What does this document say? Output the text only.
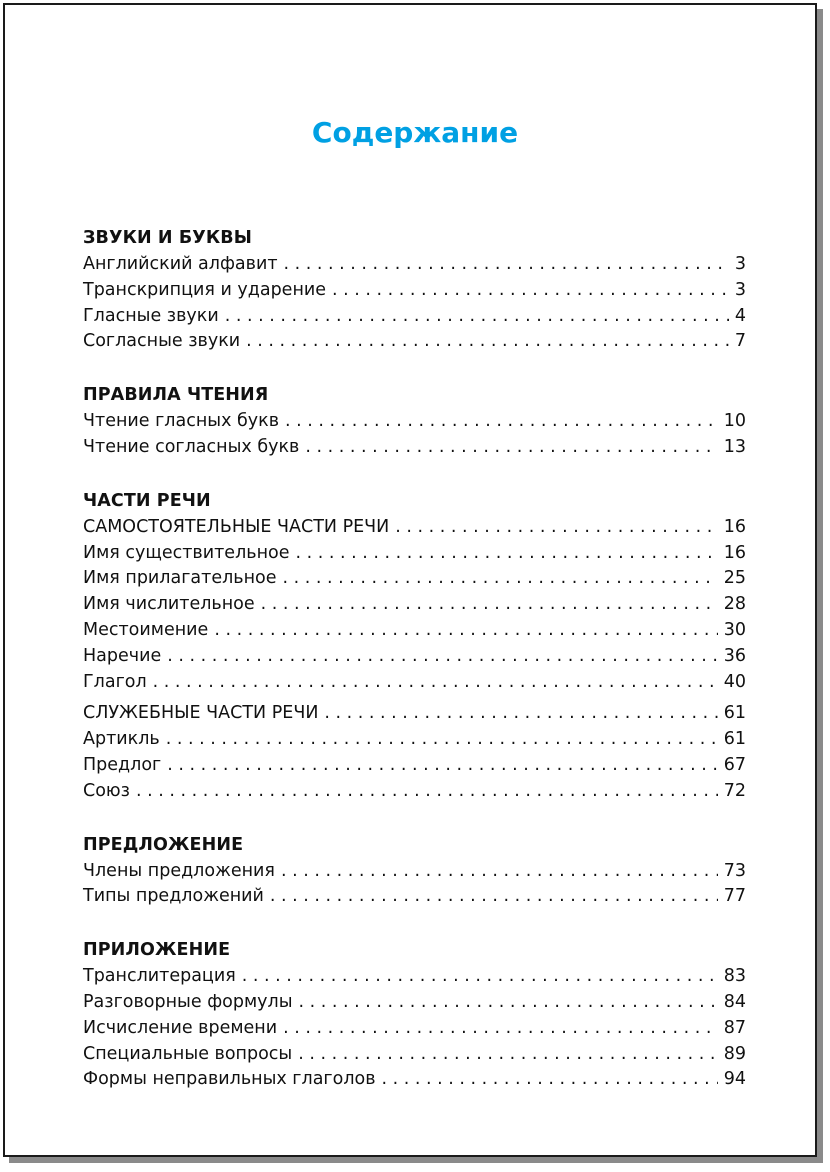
Содержание
ЗВУКИ И БУКВЫ
Английский алфавит . . .	3
Транскрипция и ударение . . .	3
Гласные звуки . . .	4
Согласные звуки . . .	7
ПРАВИЛА ЧТЕНИЯ
Чтение гласных букв . . .	10
Чтение согласных букв . . .	13
ЧАСТИ РЕЧИ
САМОСТОЯТЕЛЬНЫЕ ЧАСТИ РЕЧИ . . .	16
Имя существительное . . .	16
Имя прилагательное . . .	25
Имя числительное . . .	28
Местоимение . . .	30
Наречие . . .	36
Глагол . . .	40
СЛУЖЕБНЫЕ ЧАСТИ РЕЧИ . . .	61
Артикль . . .	61
Предлог . . .	67
Союз . . .	72
ПРЕДЛОЖЕНИЕ
Члены предложения . . .	73
Типы предложений . . .	77
ПРИЛОЖЕНИЕ
Транслитерация . . .	83
Разговорные формулы . . .	84
Исчисление времени . . .	87
Специальные вопросы . . .	89
Формы неправильных глаголов . . .	94
